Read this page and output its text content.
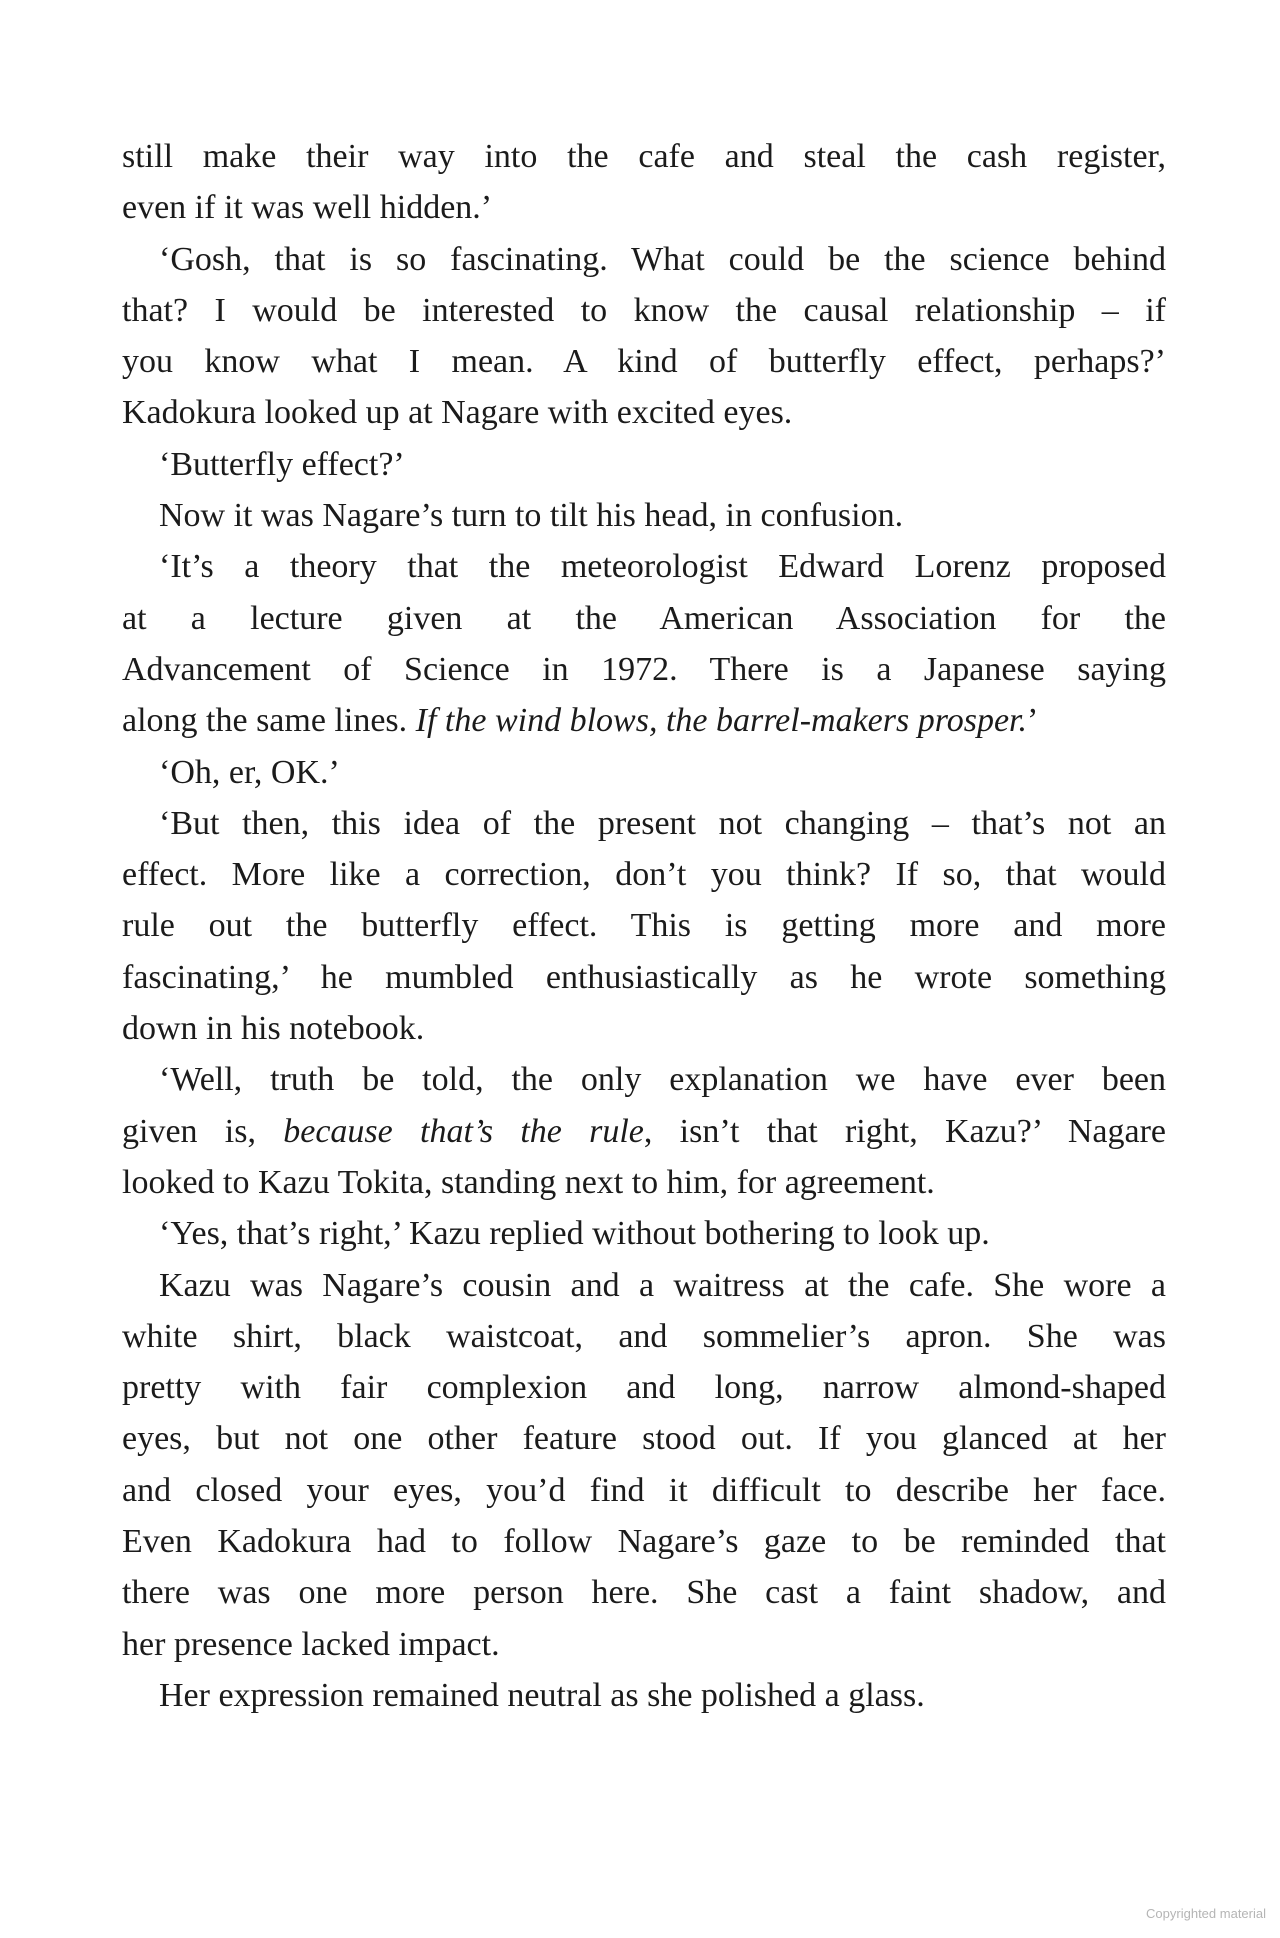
still make their way into the cafe and steal the cash register,
even if it was well hidden.’
‘Gosh, that is so fascinating. What could be the science behind
that? I would be interested to know the causal relationship – if
you know what I mean. A kind of butterfly effect, perhaps?’
Kadokura looked up at Nagare with excited eyes.
‘Butterfly effect?’
Now it was Nagare’s turn to tilt his head, in confusion.
‘It’s a theory that the meteorologist Edward Lorenz proposed
at a lecture given at the American Association for the
Advancement of Science in 1972. There is a Japanese saying
along the same lines. If the wind blows, the barrel-makers prosper.’
‘Oh, er, OK.’
‘But then, this idea of the present not changing – that’s not an
effect. More like a correction, don’t you think? If so, that would
rule out the butterfly effect. This is getting more and more
fascinating,’ he mumbled enthusiastically as he wrote something
down in his notebook.
‘Well, truth be told, the only explanation we have ever been
given is, because that’s the rule, isn’t that right, Kazu?’ Nagare
looked to Kazu Tokita, standing next to him, for agreement.
‘Yes, that’s right,’ Kazu replied without bothering to look up.
Kazu was Nagare’s cousin and a waitress at the cafe. She wore a
white shirt, black waistcoat, and sommelier’s apron. She was
pretty with fair complexion and long, narrow almond-shaped
eyes, but not one other feature stood out. If you glanced at her
and closed your eyes, you’d find it difficult to describe her face.
Even Kadokura had to follow Nagare’s gaze to be reminded that
there was one more person here. She cast a faint shadow, and
her presence lacked impact.
Her expression remained neutral as she polished a glass.
Copyrighted material
